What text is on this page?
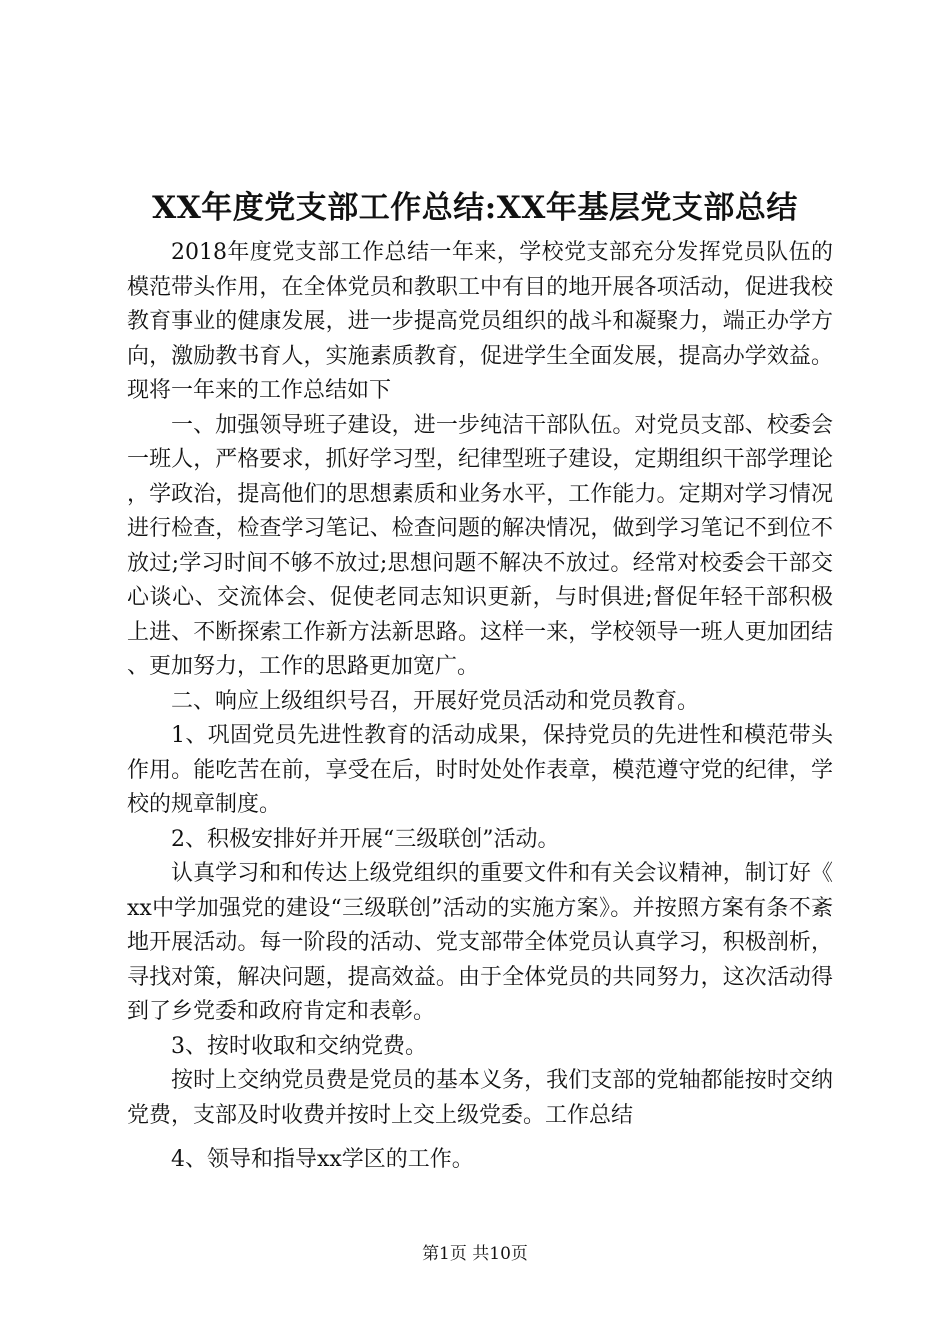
XX年度党支部工作总结:XX年基层党支部总结

2018年度党支部工作总结一年来，学校党支部充分发挥党员队伍的模范带头作用，在全体党员和教职工中有目的地开展各项活动，促进我校教育事业的健康发展，进一步提高党员组织的战斗和凝聚力，端正办学方向，激励教书育人，实施素质教育，促进学生全面发展，提高办学效益。现将一年来的工作总结如下

一、加强领导班子建设，进一步纯洁干部队伍。对党员支部、校委会一班人，严格要求，抓好学习型，纪律型班子建设，定期组织干部学理论，学政治，提高他们的思想素质和业务水平，工作能力。定期对学习情况进行检查，检查学习笔记、检查问题的解决情况，做到学习笔记不到位不放过;学习时间不够不放过;思想问题不解决不放过。经常对校委会干部交心谈心、交流体会、促使老同志知识更新，与时俱进;督促年轻干部积极上进、不断探索工作新方法新思路。这样一来，学校领导一班人更加团结、更加努力，工作的思路更加宽广。

二、响应上级组织号召，开展好党员活动和党员教育。

1、巩固党员先进性教育的活动成果，保持党员的先进性和模范带头作用。能吃苦在前，享受在后，时时处处作表章，模范遵守党的纪律，学校的规章制度。

2、积极安排好并开展“三级联创”活动。

认真学习和和传达上级党组织的重要文件和有关会议精神，制订好《xx中学加强党的建设“三级联创”活动的实施方案》。并按照方案有条不紊地开展活动。每一阶段的活动、党支部带全体党员认真学习，积极剖析，寻找对策，解决问题，提高效益。由于全体党员的共同努力，这次活动得到了乡党委和政府肯定和表彰。

3、按时收取和交纳党费。

按时上交纳党员费是党员的基本义务，我们支部的党轴都能按时交纳党费，支部及时收费并按时上交上级党委。工作总结

4、领导和指导xx学区的工作。

第1页 共10页
